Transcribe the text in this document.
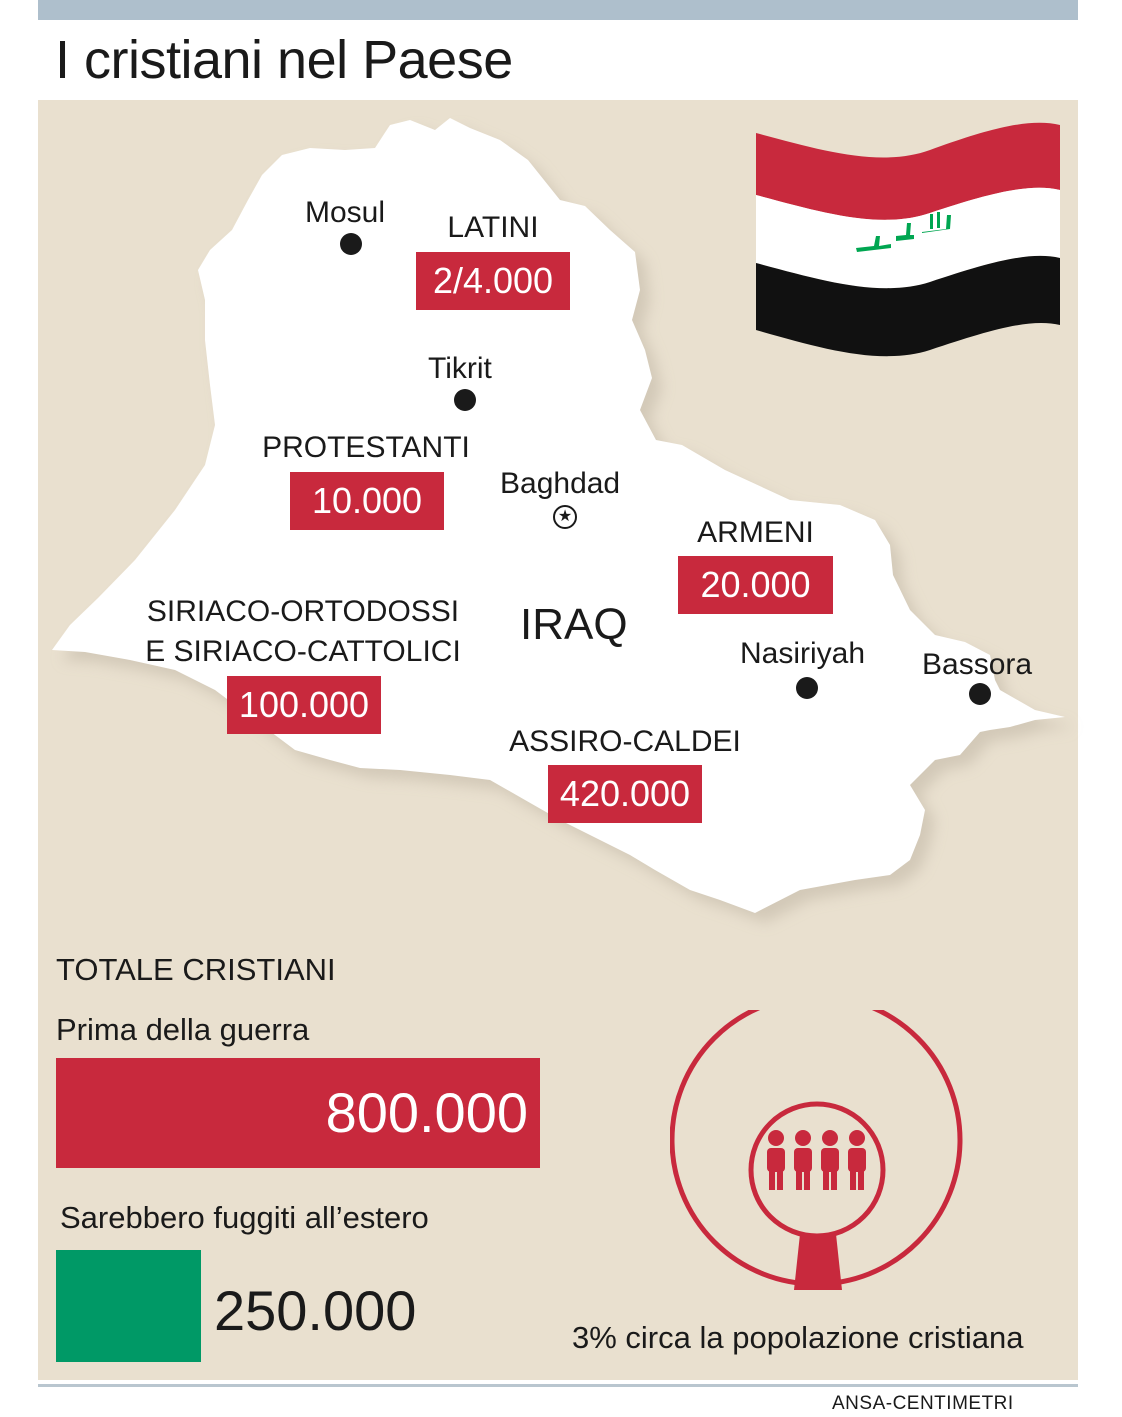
I cristiani nel Paese
Mosul
Tikrit
Baghdad
★
Nasiriyah Bassora
IRAQ
LATINI
2/4.000
PROTESTANTI
10.000
ARMENI
20.000
SIRIACO-ORTODOSSI
E SIRIACO-CATTOLICI
100.000
ASSIRO-CALDEI
420.000
TOTALE CRISTIANI
Prima della guerra
800.000
Sarebbero fuggiti all’estero
250.000	3% circa la popolazione cristiana
ANSA-CENTIMETRI
